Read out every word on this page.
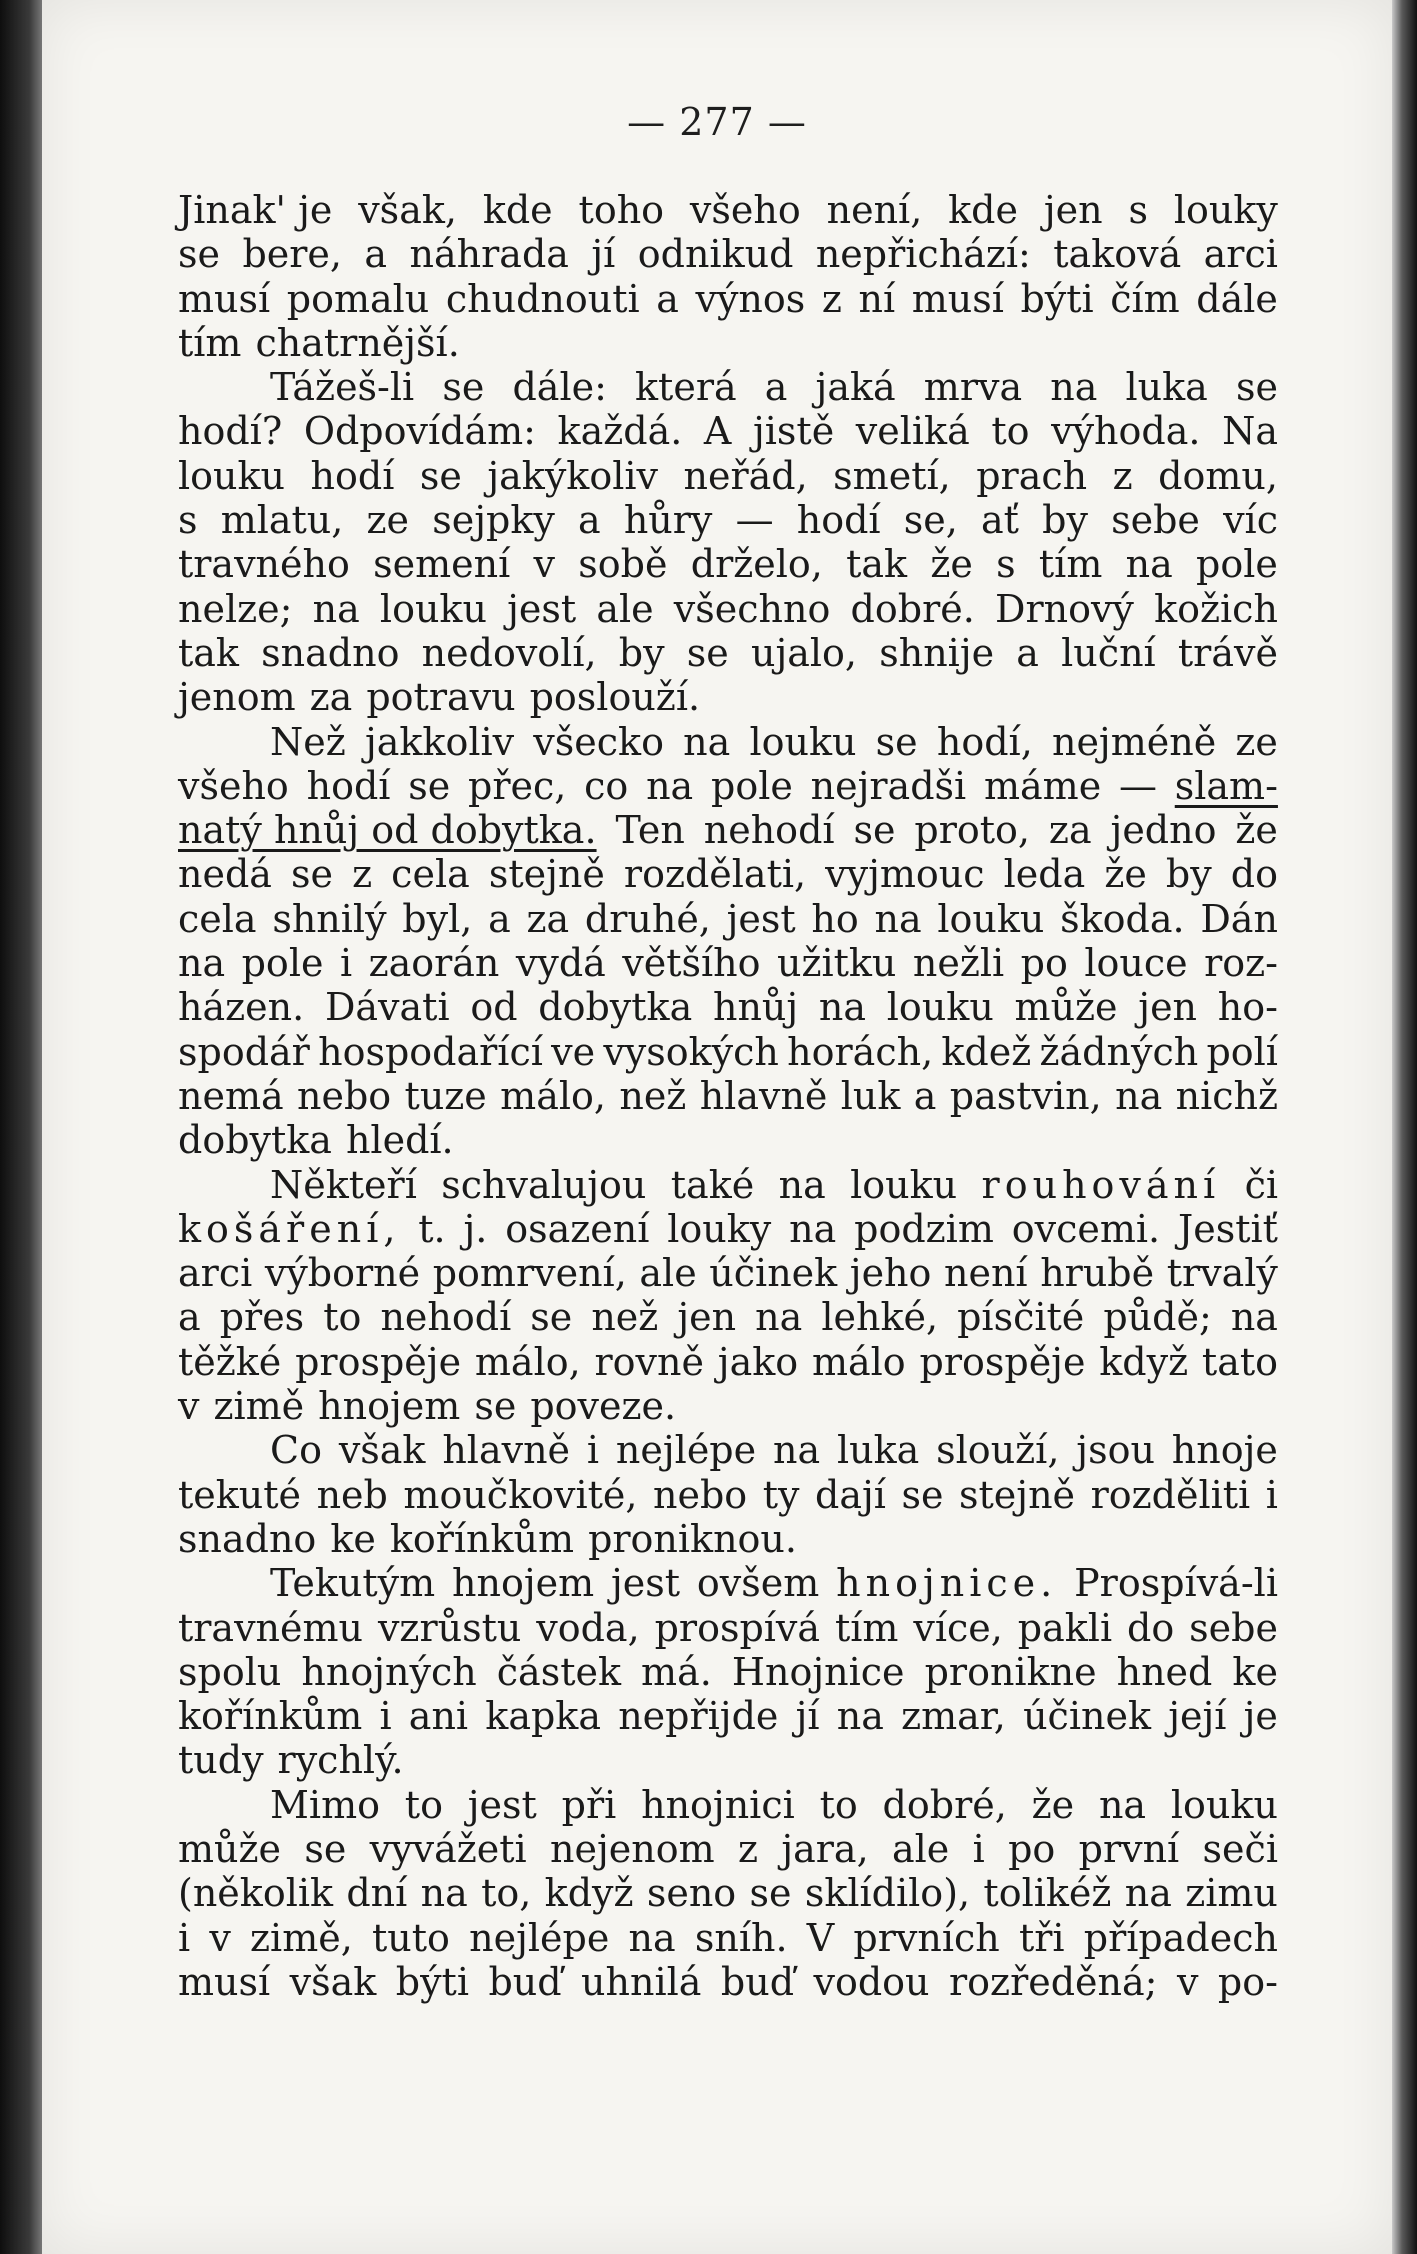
— 277 —
Jinak' je však, kde toho všeho není, kde jen s louky
se bere, a náhrada jí odnikud nepřichází: taková arci
musí pomalu chudnouti a výnos z ní musí býti čím dále
tím chatrnější.
Tážeš-li se dále: která a jaká mrva na luka se
hodí? Odpovídám: každá. A jistě veliká to výhoda. Na
louku hodí se jakýkoliv neřád, smetí, prach z domu,
s mlatu, ze sejpky a hůry — hodí se, ať by sebe víc
travného semení v sobě drželo, tak že s tím na pole
nelze; na louku jest ale všechno dobré. Drnový kožich
tak snadno nedovolí, by se ujalo, shnije a luční trávě
jenom za potravu poslouží.
Než jakkoliv všecko na louku se hodí, nejméně ze
všeho hodí se přec, co na pole nejradši máme — slam-
natý hnůj od dobytka. Ten nehodí se proto, za jedno že
nedá se z cela stejně rozdělati, vyjmouc leda že by do
cela shnilý byl, a za druhé, jest ho na louku škoda. Dán
na pole i zaorán vydá většího užitku nežli po louce roz-
házen. Dávati od dobytka hnůj na louku může jen ho-
spodář hospodařící ve vysokých horách, kdež žádných polí
nemá nebo tuze málo, než hlavně luk a pastvin, na nichž
dobytka hledí.
Někteří schvalujou také na louku rouhování či
košáření, t. j. osazení louky na podzim ovcemi. Jestiť
arci výborné pomrvení, ale účinek jeho není hrubě trvalý
a přes to nehodí se než jen na lehké, písčité půdě; na
těžké prospěje málo, rovně jako málo prospěje když tato
v zimě hnojem se poveze.
Co však hlavně i nejlépe na luka slouží, jsou hnoje
tekuté neb moučkovité, nebo ty dají se stejně rozděliti i
snadno ke kořínkům proniknou.
Tekutým hnojem jest ovšem hnojnice. Prospívá-li
travnému vzrůstu voda, prospívá tím více, pakli do sebe
spolu hnojných částek má. Hnojnice pronikne hned ke
kořínkům i ani kapka nepřijde jí na zmar, účinek její je
tudy rychlý.
Mimo to jest při hnojnici to dobré, že na louku
může se vyvážeti nejenom z jara, ale i po první seči
(několik dní na to, když seno se sklídilo), tolikéž na zimu
i v zimě, tuto nejlépe na sníh. V prvních tři případech
musí však býti buď uhnilá buď vodou rozředěná; v po-
